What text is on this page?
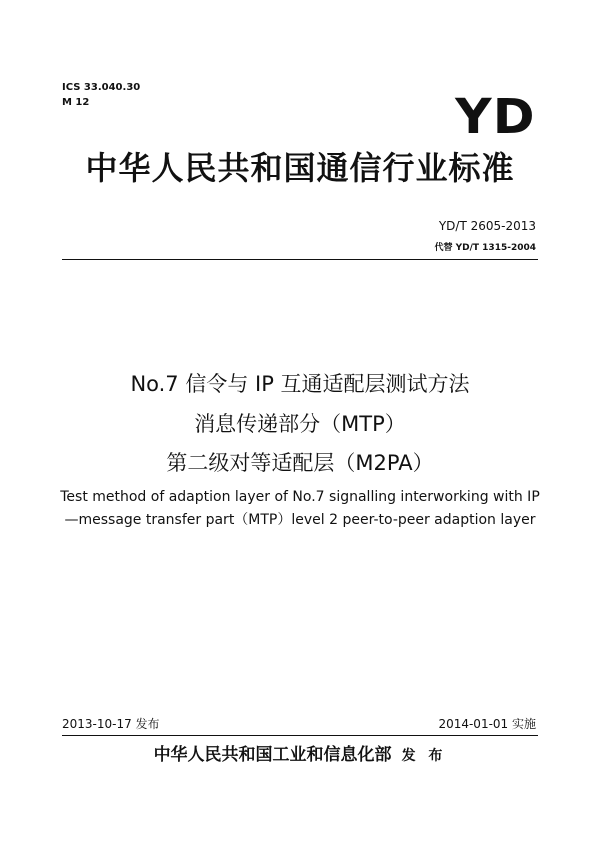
ICS 33.040.30
M 12	YD
中华人民共和国通信行业标准
YD/T 2605-2013
代替 YD/T 1315-2004
No.7 信令与 IP 互通适配层测试方法
消息传递部分（MTP）
第二级对等适配层（M2PA）
Test method of adaption layer of No.7 signalling interworking with IP
—message transfer part（MTP）level 2 peer-to-peer adaption layer
2013-10-17 发布	2014-01-01 实施
中华人民共和国工业和信息化部 发 布
